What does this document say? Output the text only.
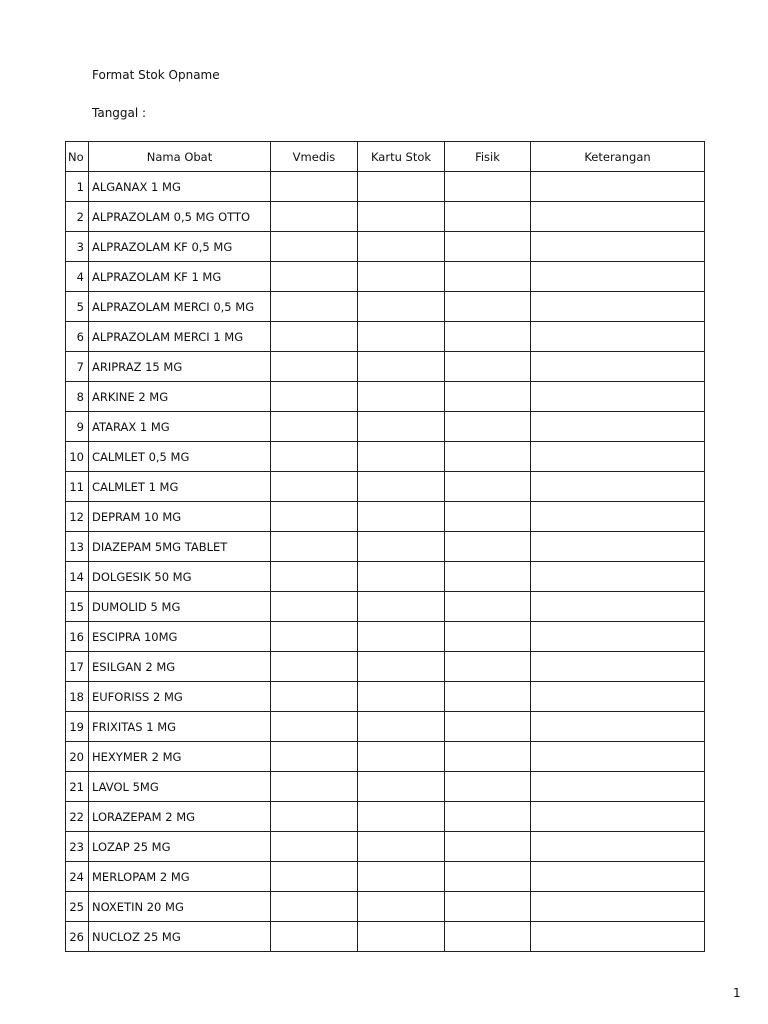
Format Stok Opname
Tanggal :
No	Nama Obat	Vmedis	Kartu Stok	Fisik	Keterangan
1	ALGANAX 1 MG				
2	ALPRAZOLAM 0,5 MG OTTO				
3	ALPRAZOLAM KF 0,5 MG				
4	ALPRAZOLAM KF 1 MG				
5	ALPRAZOLAM MERCI 0,5 MG				
6	ALPRAZOLAM MERCI 1 MG				
7	ARIPRAZ 15 MG				
8	ARKINE 2 MG				
9	ATARAX 1 MG				
10	CALMLET 0,5 MG				
11	CALMLET 1 MG				
12	DEPRAM 10 MG				
13	DIAZEPAM 5MG TABLET				
14	DOLGESIK 50 MG				
15	DUMOLID 5 MG				
16	ESCIPRA 10MG				
17	ESILGAN 2 MG				
18	EUFORISS 2 MG				
19	FRIXITAS 1 MG				
20	HEXYMER 2 MG				
21	LAVOL 5MG				
22	LORAZEPAM 2 MG				
23	LOZAP 25 MG				
24	MERLOPAM 2 MG				
25	NOXETIN 20 MG				
26	NUCLOZ 25 MG				
1
